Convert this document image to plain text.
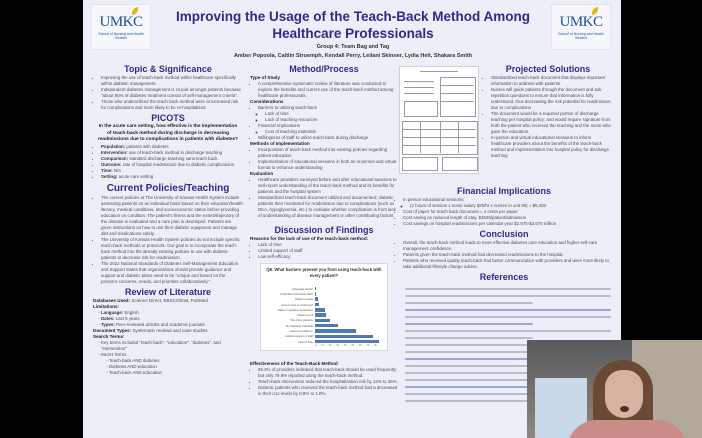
UMKC
School of Nursing and Health Studies
Improving the Usage of the Teach-Back Method Among Healthcare Professionals
Group 4: Team Bag and Tag
Amber Popoola, Caitlin Struemph, Kendall Perry, Leilani Skinner, Lydia Helt, Shakara Smith
UMKC
School of Nursing and Health Studies
Topic & Significance
• Improving the use of teach-back method within healthcare specifically within diabetic management.
• Independent diabetes management is crucial amongst patients because "about 95% of diabetes treatment consist of self-management criteria".
• Those who underutilized the teach back method were at increased risk for complications and more likely to be re-hospitalized.
PICOTS
In the acute care setting, how effective is the implementation of teach-back method during discharge in decreasing readmissions due to complications in patients with diabetes?
• Population: patients with diabetes
• Intervention: use of teach-back method in discharge teaching
• Comparison: standard discharge teaching sans teach back
• Outcome: rate of hospital readmission due to diabetic complications
• Time: N/A
• Setting: acute care setting
Current Policies/Teaching
• The current policies at The University of Kansas Health System include assessing patients on an individual basis based on their education/health literacy, medical conditions, and socioeconomic status before providing education on condition. The patient's illness and the extent/trajectory of the disease is evaluated and a care plan is developed. Patients are given instructions on how to use their diabetic equipment and manage diet and medications safely.
• The University of Kansas Health System policies do not include specific teach-back methods or protocols. Our goal is to incorporate the teach-back method into the already existing policies to use with diabetic patients to decrease risk for readmission.
• The 2022 National Standards of Diabetes Self-Management Education and Support states that organizations should provide guidance and support and diabetic plans need to be "unique and based on the person's concerns, needs, and priorities collaboratively."
Review of Literature
Databases Used: Science Direct, EBSCOhost, PubMed
Limitations:
- Language: English
- Dates: Last 5 years
- Types: Peer-reviewed articles and academic journals
Document Types: Systematic reviews and case studies
Search Terms:
- Key terms included "teach-back", "education", "diabetes", and "intervention"
- MeSH Terms
- Teach-back AND diabetes
- Diabetes AND education
- Teach-back AND education
Method/Process
Type of Study
• A comprehensive systematic review of literature was conducted to explore the benefits and current use of the teach-back method among healthcare professionals.
Considerations
• Barriers to utilizing teach-back
◦ Lack of time
◦ Lack of teaching resources
• Financial Implications
◦ Cost of teaching materials
• Willingness of staff to utilize teach-back during discharge
Methods of Implementation
• Incorporation of teach-back method into existing policies regarding patient education
• Implementation of educational sessions in both an in-person and virtual format to enhance understanding
Evaluation
• Healthcare providers surveyed before and after educational sessions to self-report understanding of the teach-back method and its benefits for patients and the hospital system
• Standardized teach-back document utilized and documented; diabetic patients then monitored for readmission due to complications (such as DKA, hypoglycemia, etc.) to evaluate whether complication is from lack of understanding of disease management or other contributing factors
Discussion of Findings
Reasons for the lack of use of the teach-back method:
• Lack of time
• Limited support of staff
• Low self-efficacy
Q8. What barriers prevent you from using teach-back with every patient?
Language barrier
Unfamiliar with teach-back
Patient refusal
Unsure how to implement
Patient cognitive impairment
Patient too ill
Too many patients
No teaching materials
Lack of confidence
Limited support of staff
Lack of time
0 10 20 30 40 50 60 70 80
Effectiveness of the Teach-Back Method
• 86.3% of providers indicated that teach-back should be used frequently but only 79.8% reported using the teach-back method.
• Teach-back intervention reduced the hospitalization risk by 12% to 36%.
• Diabetic patients who received the teach-back method had a decreased in their A1c levels by 0.8% to 1.0%.
Projected Solutions
• Standardized teach-back document that displays important information to address with patients
• Nurses will guide patients through the document and ask repetition questions to ensure that information is fully understood, thus decreasing the risk potential for readmission due to complications
• The document would be a required portion of discharge teaching per hospital policy; and would require signature from both the patient who received the teaching and the nurse who gave the education.
• In-person and virtual educational sessions to inform healthcare providers about the benefits of the teach-back method and implementation into hospital policy for discharge teaching
Financial Implications
• In person educational sessions:
◦ (2 hours of session x nurse salary $30/hr x nurses in unit 90) = $5,400
• Cost of paper for teach back document = 4 cents per paper
• Cost saving on reduced length of stay, $3529/patient/admission
• Cost savings on hospital readmissions per calendar year $2.975-$3.570 million
Conclusion
• Overall, the teach-back method leads to more effective diabetes care education and higher self-care management confidence.
• Patients given the teach-back method had decreased readmissions to the hospital.
• Patients who received quality teach-back had better communication with providers and were more likely to take additional lifestyle change advice.
References
